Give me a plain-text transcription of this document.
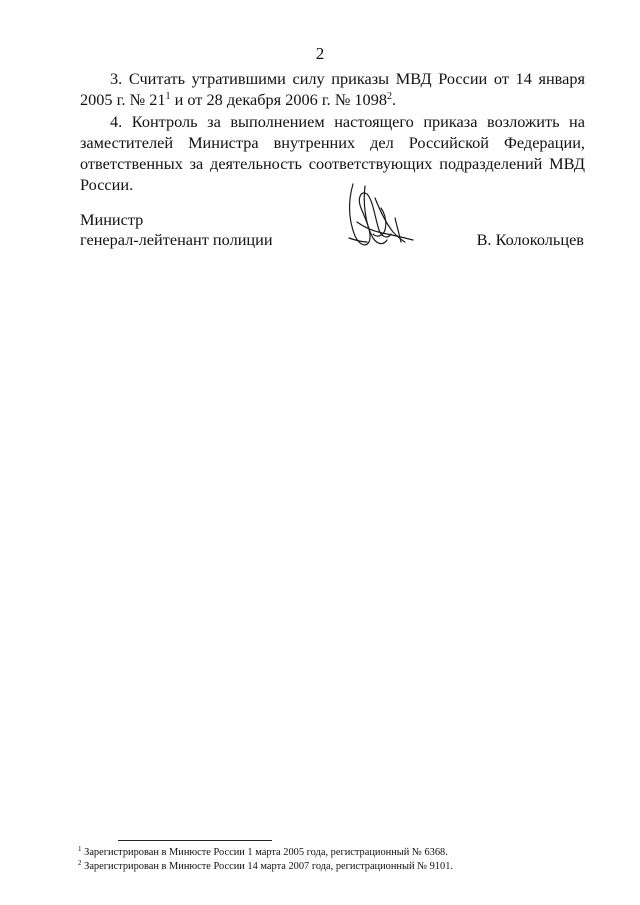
2

3. Считать утратившими силу приказы МВД России от 14 января 2005 г. № $21^1$ и от 28 декабря 2006 г. № 1098$^2$.

4. Контроль за выполнением настоящего приказа возложить на заместителей Министра внутренних дел Российской Федерации, ответственных за деятельность соответствующих подразделений МВД России.

Министр
генерал-лейтенант полиции	В. Колокольцев
$^1$ Зарегистрирован в Минюсте России 1 марта 2005 года, регистрационный № 6368.
$^2$ Зарегистрирован в Минюсте России 14 марта 2007 года, регистрационный № 9101.
